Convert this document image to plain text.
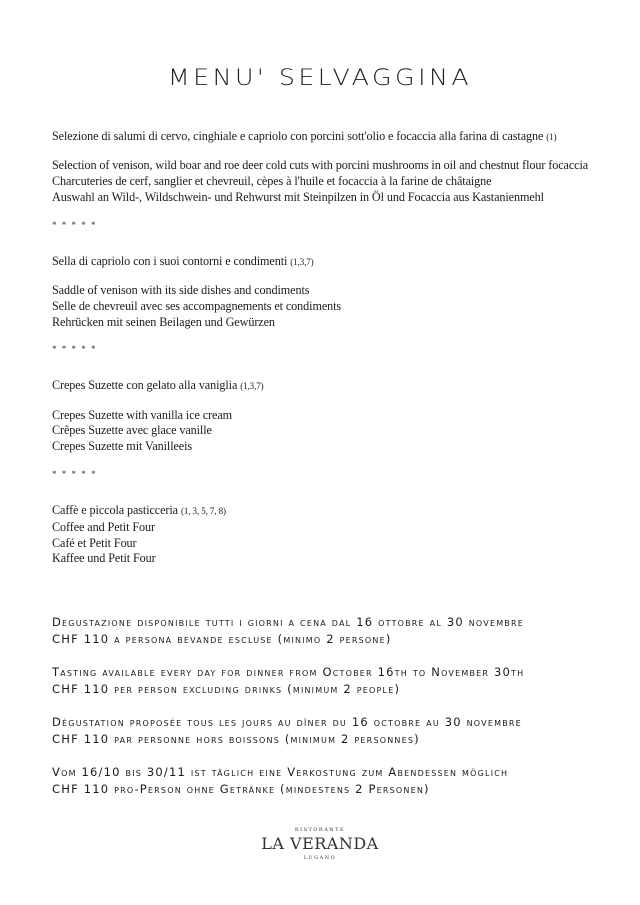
MENU' SELVAGGINA
Selezione di salumi di cervo, cinghiale e capriolo con porcini sott'olio e focaccia alla farina di castagne (1)
Selection of venison, wild boar and roe deer cold cuts with porcini mushrooms in oil and chestnut flour focaccia
Charcuteries de cerf, sanglier et chevreuil, cèpes à l'huile et focaccia à la farine de châtaigne
Auswahl an Wild-, Wildschwein- und Rehwurst mit Steinpilzen in Öl und Focaccia aus Kastanienmehl
* * * * *
Sella di capriolo con i suoi contorni e condimenti (1,3,7)
Saddle of venison with its side dishes and condiments
Selle de chevreuil avec ses accompagnements et condiments
Rehrücken mit seinen Beilagen und Gewürzen
* * * * *
Crepes Suzette con gelato alla vaniglia (1,3,7)
Crepes Suzette with vanilla ice cream
Crêpes Suzette avec glace vanille
Crepes Suzette mit Vanilleeis
* * * * *
Caffè e piccola pasticceria (1, 3, 5, 7, 8)
Coffee and Petit Four
Café et Petit Four
Kaffee und Petit Four
Degustazione disponibile tutti i giorni a cena dal 16 ottobre al 30 novembre
CHF 110 a persona bevande escluse (minimo 2 persone)
Tasting available every day for dinner from October 16th to November 30th
CHF 110 per person excluding drinks (minimum 2 people)
Dégustation proposée tous les jours au dîner du 16 octobre au 30 novembre
CHF 110 par personne hors boissons (minimum 2 personnes)
Vom 16/10 bis 30/11 ist täglich eine Verkostung zum Abendessen möglich
CHF 110 pro-Person ohne Getränke (mindestens 2 Personen)
RISTORANTE
LA VERANDA
LUGANO
